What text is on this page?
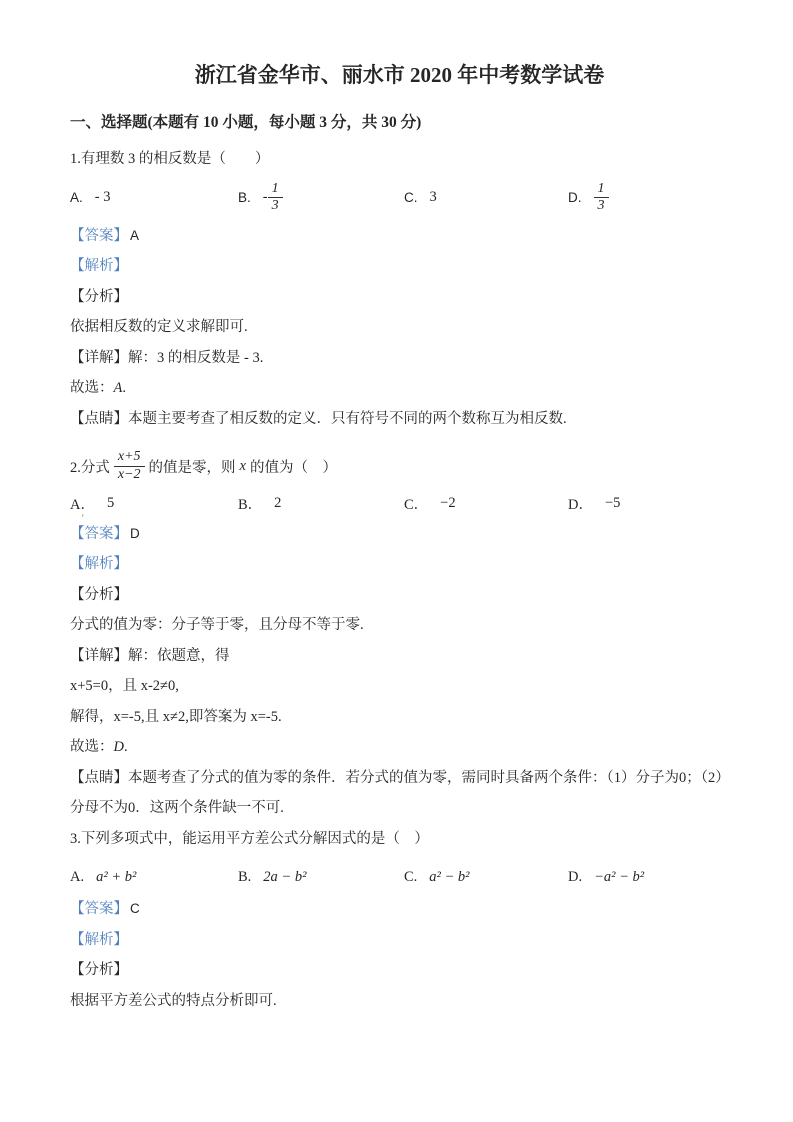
浙江省金华市、丽水市 2020 年中考数学试卷
一、选择题(本题有 10 小题，每小题 3 分，共 30 分)

1.有理数 3 的相反数是（　　）

A. - 3	B. - $\frac{1}{3}$	C. 3	D. $\frac{1}{3}$

【答案】 A

【解析】

【分析】

依据相反数的定义求解即可.

【详解】解：3 的相反数是 - 3.

故选：A.

【点睛】本题主要考查了相反数的定义．只有符号不同的两个数称互为相反数.

2.分式 $\frac{x+5}{x-2}$ 的值是零，则 x 的值为（　）
A． 5	B． 2	C． −2	D． −5
'

【答案】 D

【解析】

【分析】

分式的值为零：分子等于零，且分母不等于零.

【详解】解：依题意，得

x+5=0，且 x-2≠0,

解得，x=-5,且 x≠2,即答案为 x=-5.

故选：D.

【点睛】本题考查了分式的值为零的条件．若分式的值为零，需同时具备两个条件：（1）分子为0；（2）分母不为0．这两个条件缺一不可.

3.下列多项式中，能运用平方差公式分解因式的是（　）

A. a² + b²	B. 2a − b²	C. a² − b²	D. −a² − b²

【答案】 C

【解析】

【分析】

根据平方差公式的特点分析即可.
